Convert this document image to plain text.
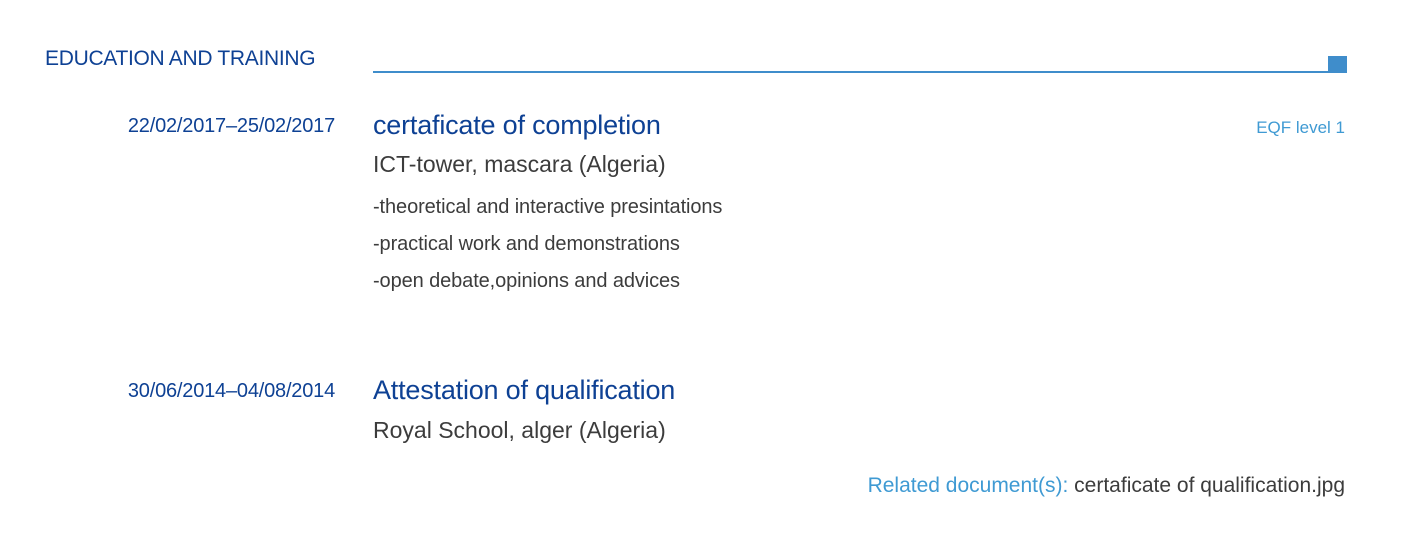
EDUCATION AND TRAINING
22/02/2017–25/02/2017 certaficate of completion	EQF level 1
ICT-tower, mascara (Algeria)
-theoretical and interactive presintations
-practical work and demonstrations
-open debate,opinions and advices
30/06/2014–04/08/2014 Attestation of qualification
Royal School, alger (Algeria)
Related document(s): certaficate of qualification.jpg
